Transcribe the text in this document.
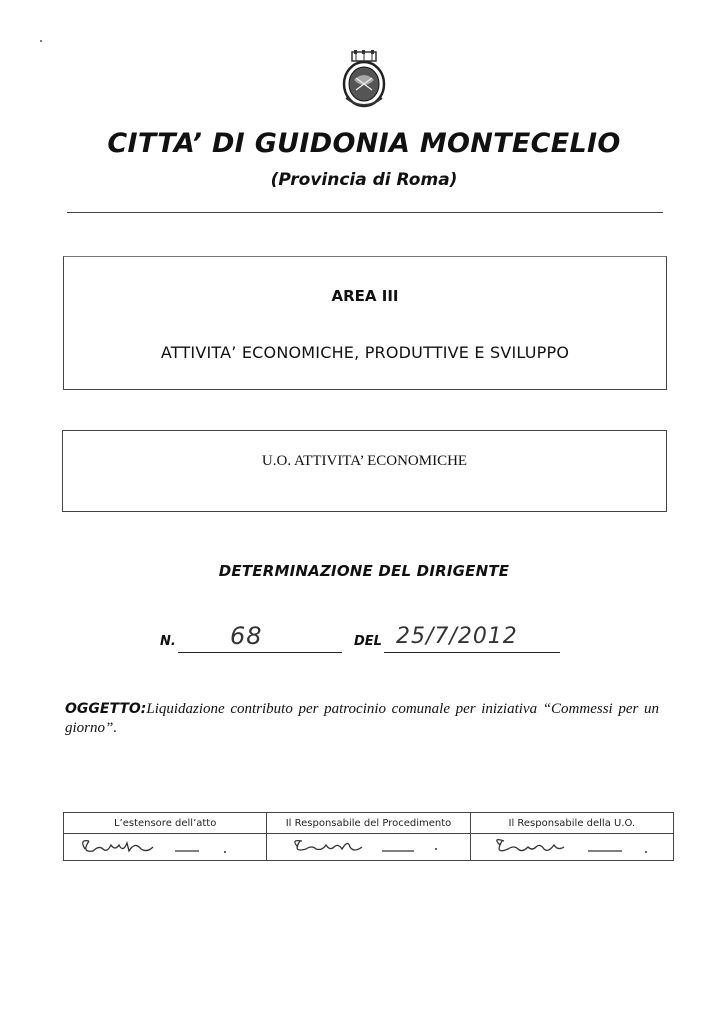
CITTA’ DI GUIDONIA MONTECELIO
(Provincia di Roma)
AREA III
ATTIVITA’ ECONOMICHE, PRODUTTIVE E SVILUPPO
U.O. ATTIVITA’ ECONOMICHE
DETERMINAZIONE DEL DIRIGENTE
N. 68	DEL 25/7/2012
OGGETTO:Liquidazione contributo per patrocinio comunale per iniziativa “Commessi per un giorno”.
L’estensore dell’atto	Il Responsabile del Procedimento	Il Responsabile della U.O.
